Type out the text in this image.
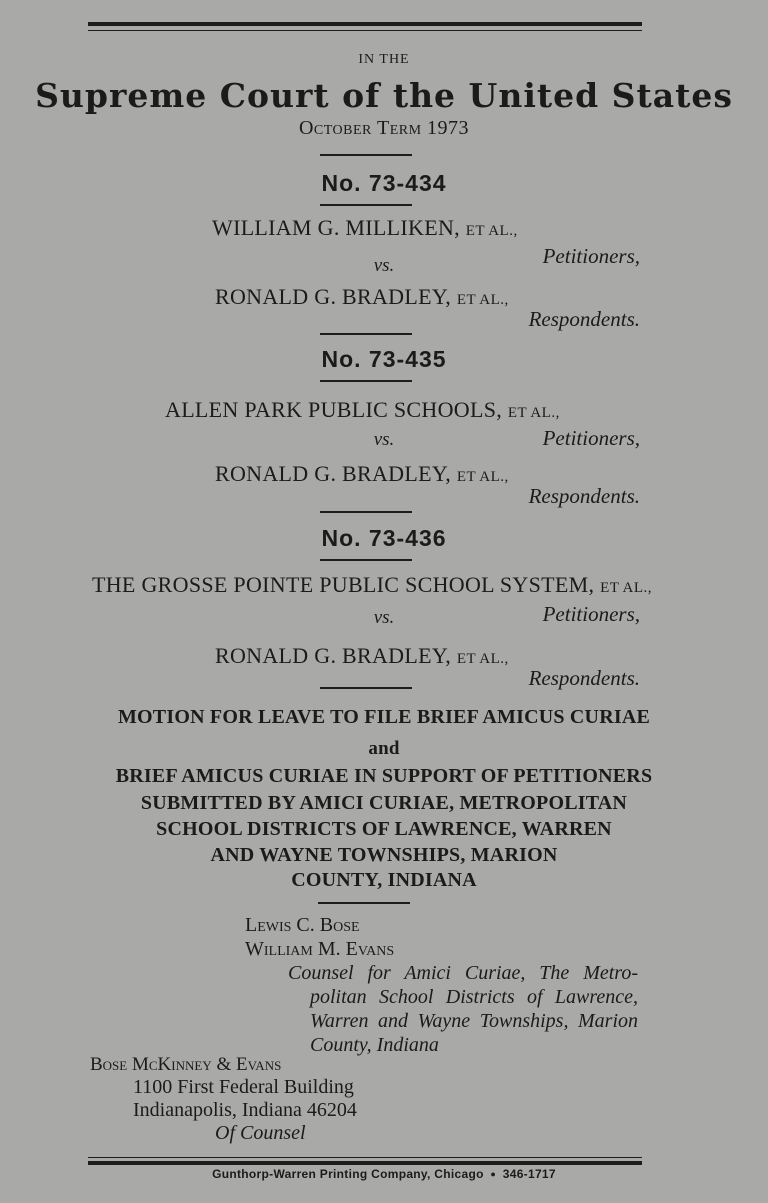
IN THE
Supreme Court of the United States
October Term 1973
No. 73-434
WILLIAM G. MILLIKEN, ET AL.,
Petitioners,
vs.
RONALD G. BRADLEY, ET AL.,
Respondents.
No. 73-435
ALLEN PARK PUBLIC SCHOOLS, ET AL.,
Petitioners,
vs.
RONALD G. BRADLEY, ET AL.,
Respondents.
No. 73-436
THE GROSSE POINTE PUBLIC SCHOOL SYSTEM, ET AL.,
Petitioners,
vs.
RONALD G. BRADLEY, ET AL.,
Respondents.
MOTION FOR LEAVE TO FILE BRIEF AMICUS CURIAE
and
BRIEF AMICUS CURIAE IN SUPPORT OF PETITIONERS
SUBMITTED BY AMICI CURIAE, METROPOLITAN
SCHOOL DISTRICTS OF LAWRENCE, WARREN
AND WAYNE TOWNSHIPS, MARION
COUNTY, INDIANA
Lewis C. Bose
William M. Evans
Counsel for Amici Curiae, The Metro-
politan School Districts of Lawrence,
Warren and Wayne Townships, Marion
County, Indiana
Bose McKinney & Evans
1100 First Federal Building
Indianapolis, Indiana 46204
Of Counsel
Gunthorp-Warren Printing Company, Chicago ● 346-1717
